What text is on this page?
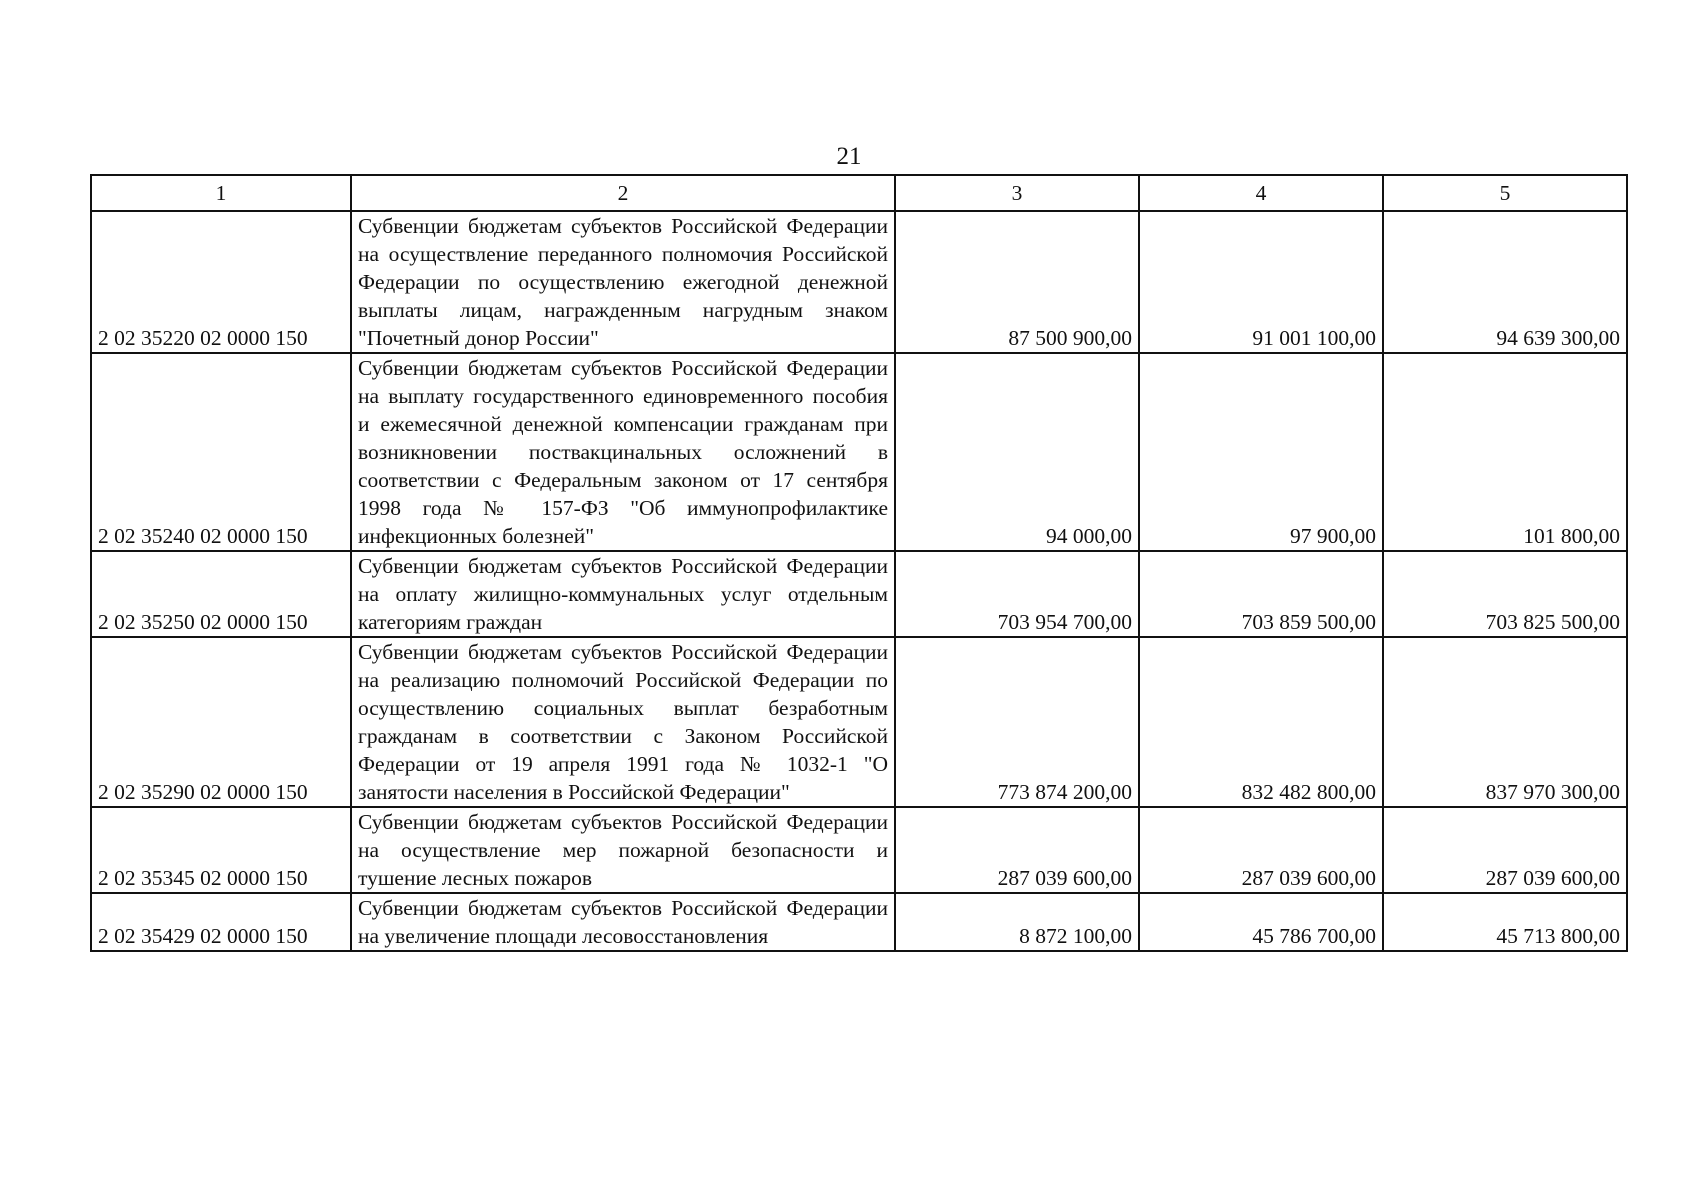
21
1	2	3	4	5
2 02 35220 02 0000 150	Субвенции бюджетам субъектов Российской Федерации на осуществление переданного полномочия Российской Федерации по осуществлению ежегодной денежной выплаты лицам, награжденным нагрудным знаком "Почетный донор России"	87 500 900,00	91 001 100,00	94 639 300,00
2 02 35240 02 0000 150	Субвенции бюджетам субъектов Российской Федерации на выплату государственного единовременного пособия и ежемесячной денежной компенсации гражданам при возникновении поствакцинальных осложнений в соответствии с Федеральным законом от 17 сентября 1998 года № 157-ФЗ "Об иммунопрофилактике инфекционных болезней"	94 000,00	97 900,00	101 800,00
2 02 35250 02 0000 150	Субвенции бюджетам субъектов Российской Федерации на оплату жилищно-коммунальных услуг отдельным категориям граждан	703 954 700,00	703 859 500,00	703 825 500,00
2 02 35290 02 0000 150	Субвенции бюджетам субъектов Российской Федерации на реализацию полномочий Российской Федерации по осуществлению социальных выплат безработным гражданам в соответствии с Законом Российской Федерации от 19 апреля 1991 года № 1032-1 "О занятости населения в Российской Федерации"	773 874 200,00	832 482 800,00	837 970 300,00
2 02 35345 02 0000 150	Субвенции бюджетам субъектов Российской Федерации на осуществление мер пожарной безопасности и тушение лесных пожаров	287 039 600,00	287 039 600,00	287 039 600,00
2 02 35429 02 0000 150	Субвенции бюджетам субъектов Российской Федерации на увеличение площади лесовосстановления	8 872 100,00	45 786 700,00	45 713 800,00
